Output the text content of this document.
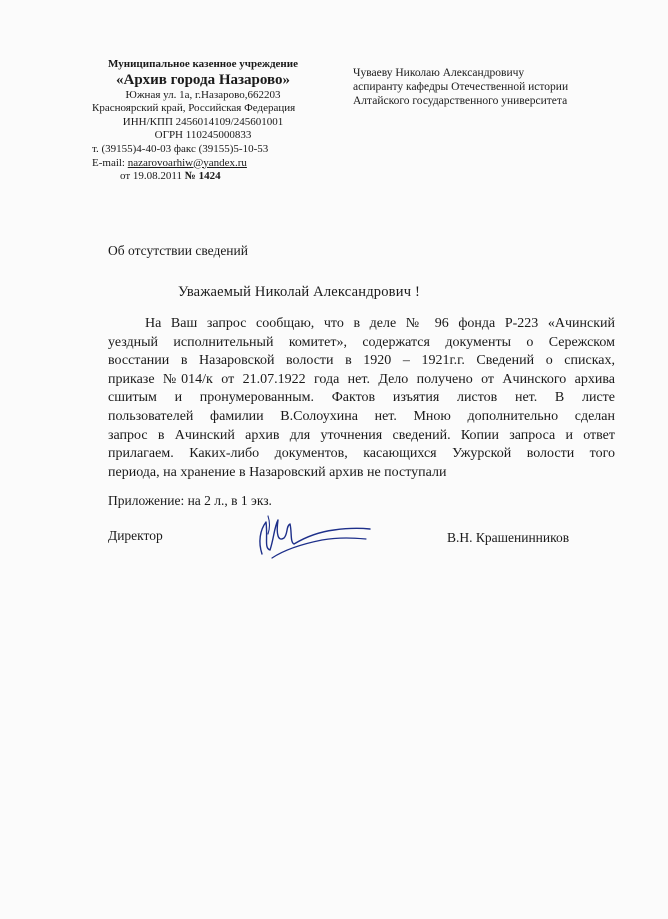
Муниципальное казенное учреждение
«Архив города Назарово»
Южная ул. 1а, г.Назарово,662203
Красноярский край, Российская Федерация
ИНН/КПП 2456014109/245601001
ОГРН 110245000833
т. (39155)4-40-03 факс (39155)5-10-53
E-mail: nazarovoarhiw@yandex.ru
от 19.08.2011 № 1424
Чуваеву Николаю Александровичу
аспиранту кафедры Отечественной истории
Алтайского государственного университета
Об отсутствии сведений
Уважаемый Николай Александрович !
На Ваш запрос сообщаю, что в деле № 96 фонда Р-223 «Ачинский
уездный исполнительный комитет», содержатся документы о Сережском
восстании в Назаровской волости в 1920 – 1921г.г. Сведений о списках,
приказе №014/к от 21.07.1922 года нет. Дело получено от Ачинского архива
сшитым и пронумерованным. Фактов изъятия листов нет. В листе
пользователей фамилии В.Солоухина нет. Мною дополнительно сделан
запрос в Ачинский архив для уточнения сведений. Копии запроса и ответ
прилагаем. Каких-либо документов, касающихся Ужурской волости того
периода, на хранение в Назаровский архив не поступали
Приложение: на 2 л., в 1 экз.
Директор	В.Н. Крашенинников
